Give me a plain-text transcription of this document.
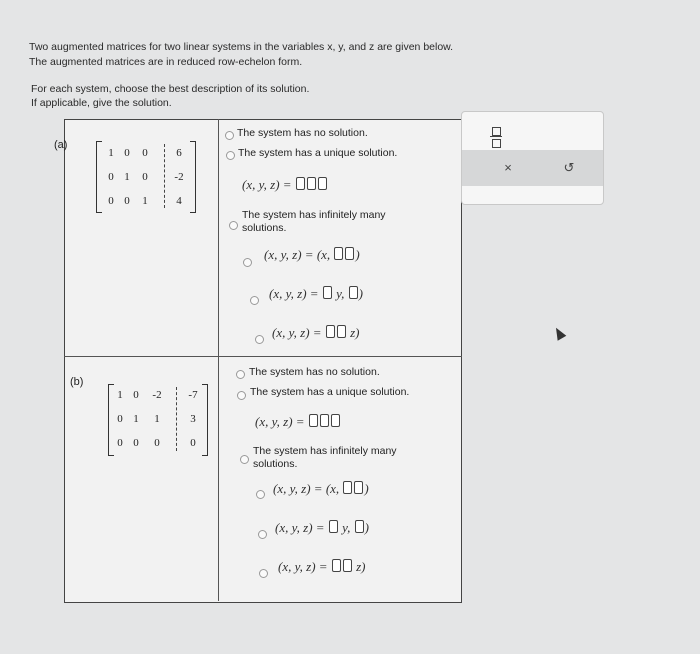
Two augmented matrices for two linear systems in the variables x, y, and z are given below.
The augmented matrices are in reduced row-echelon form.
For each system, choose the best description of its solution.
If applicable, give the solution.
(a)
1 0	0	6
0 1	0	-2
0 0	1	4
The system has no solution.
The system has a unique solution.
(x, y, z) =
The system has infinitely many
solutions.
(x, y, z) = (x, )
(x, y, z) = y, )
(x, y, z) = z)
(b)
1 0	-2	-7
0 1	1	3
0 0	0	0
The system has no solution.
The system has a unique solution.
(x, y, z) =
The system has infinitely many
solutions.
(x, y, z) = (x, )
(x, y, z) = y, )
(x, y, z) = z)
×	↺
